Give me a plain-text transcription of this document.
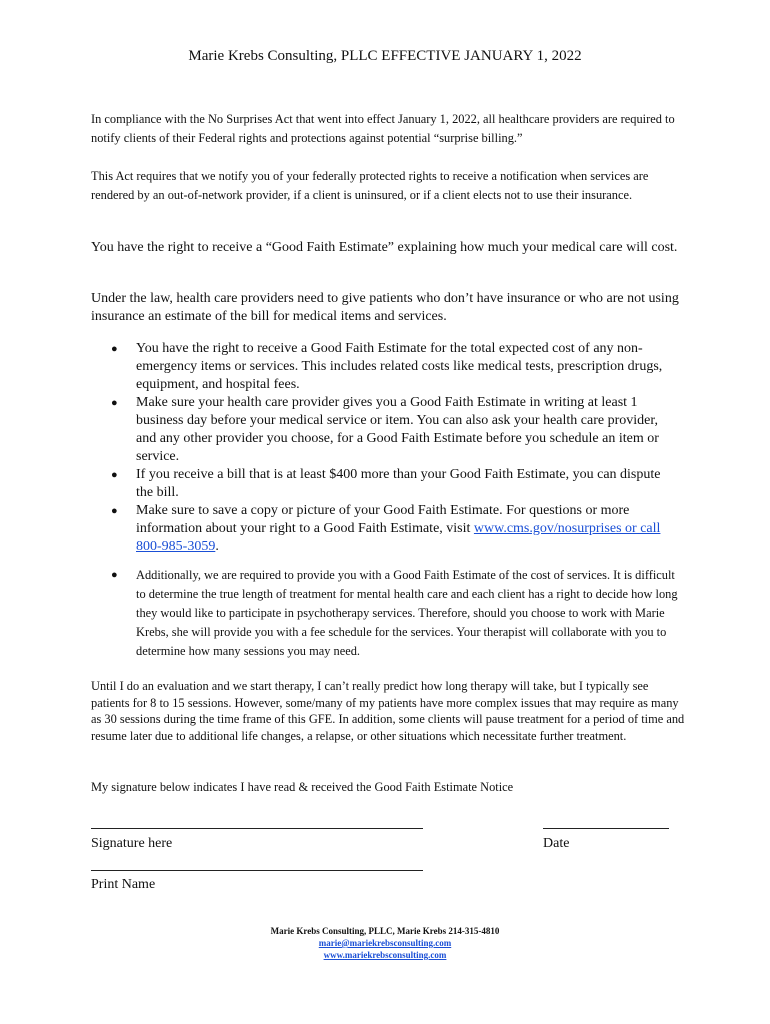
Marie Krebs Consulting, PLLC EFFECTIVE JANUARY 1, 2022
In compliance with the No Surprises Act that went into effect January 1, 2022, all healthcare providers are required to notify clients of their Federal rights and protections against potential “surprise billing.”
This Act requires that we notify you of your federally protected rights to receive a notification when services are rendered by an out-of-network provider, if a client is uninsured, or if a client elects not to use their insurance.
You have the right to receive a “Good Faith Estimate” explaining how much your medical care will cost.
Under the law, health care providers need to give patients who don’t have insurance or who are not using insurance an estimate of the bill for medical items and services.
● You have the right to receive a Good Faith Estimate for the total expected cost of any non-emergency items or services. This includes related costs like medical tests, prescription drugs, equipment, and hospital fees.
● Make sure your health care provider gives you a Good Faith Estimate in writing at least 1 business day before your medical service or item. You can also ask your health care provider, and any other provider you choose, for a Good Faith Estimate before you schedule an item or service.
● If you receive a bill that is at least $400 more than your Good Faith Estimate, you can dispute the bill.
● Make sure to save a copy or picture of your Good Faith Estimate. For questions or more information about your right to a Good Faith Estimate, visit www.cms.gov/nosurprises or call 800-985-3059.
● Additionally, we are required to provide you with a Good Faith Estimate of the cost of services. It is difficult to determine the true length of treatment for mental health care and each client has a right to decide how long they would like to participate in psychotherapy services. Therefore, should you choose to work with Marie Krebs, she will provide you with a fee schedule for the services. Your therapist will collaborate with you to determine how many sessions you may need.
Until I do an evaluation and we start therapy, I can’t really predict how long therapy will take, but I typically see patients for 8 to 15 sessions. However, some/many of my patients have more complex issues that may require as many as 30 sessions during the time frame of this GFE. In addition, some clients will pause treatment for a period of time and resume later due to additional life changes, a relapse, or other situations which necessitate further treatment.
My signature below indicates I have read & received the Good Faith Estimate Notice
Signature here	Date
Print Name
Marie Krebs Consulting, PLLC, Marie Krebs 214-315-4810
marie@mariekrebsconsulting.com
www.mariekrebsconsulting.com
